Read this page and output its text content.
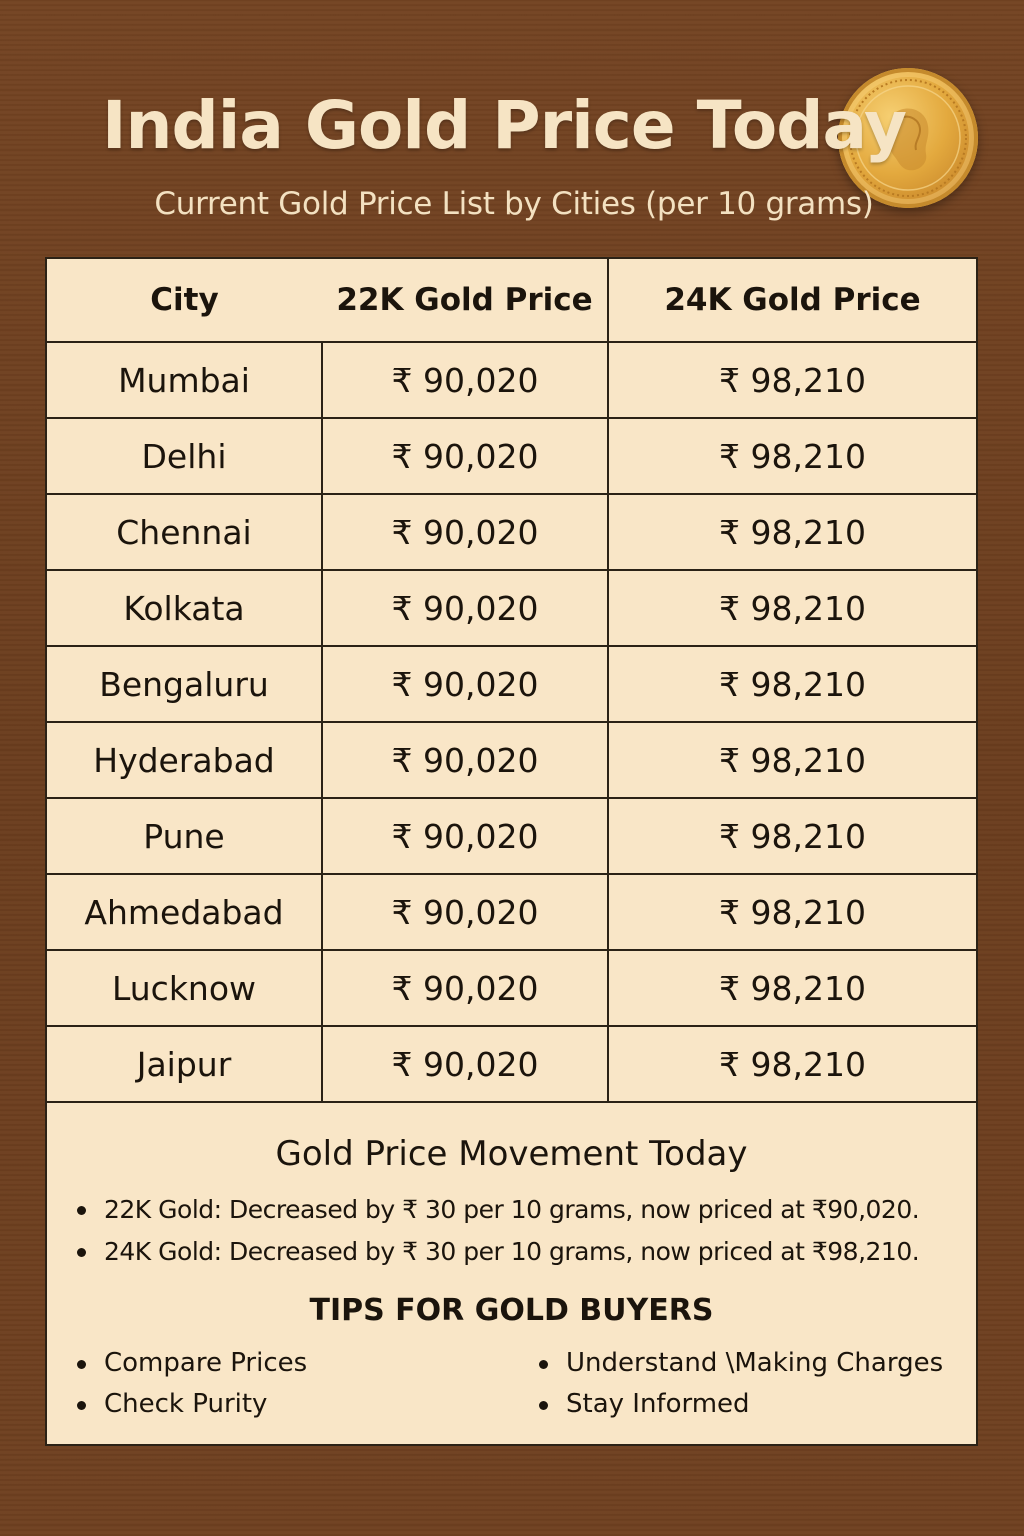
India Gold Price Today

Current Gold Price List by Cities (per 10 grams)

City	22K Gold Price	24K Gold Price
Mumbai	₹ 90,020	₹ 98,210
Delhi	₹ 90,020	₹ 98,210
Chennai	₹ 90,020	₹ 98,210
Kolkata	₹ 90,020	₹ 98,210
Bengaluru	₹ 90,020	₹ 98,210
Hyderabad	₹ 90,020	₹ 98,210
Pune	₹ 90,020	₹ 98,210
Ahmedabad	₹ 90,020	₹ 98,210
Lucknow	₹ 90,020	₹ 98,210
Jaipur	₹ 90,020	₹ 98,210
Gold Price Movement Today
22K Gold: Decreased by ₹ 30 per 10 grams, now priced at ₹90,020.
24K Gold: Decreased by ₹ 30 per 10 grams, now priced at ₹98,210.
TIPS FOR GOLD BUYERS
Compare Prices
Check Purity
Understand \Making Charges
Stay Informed
